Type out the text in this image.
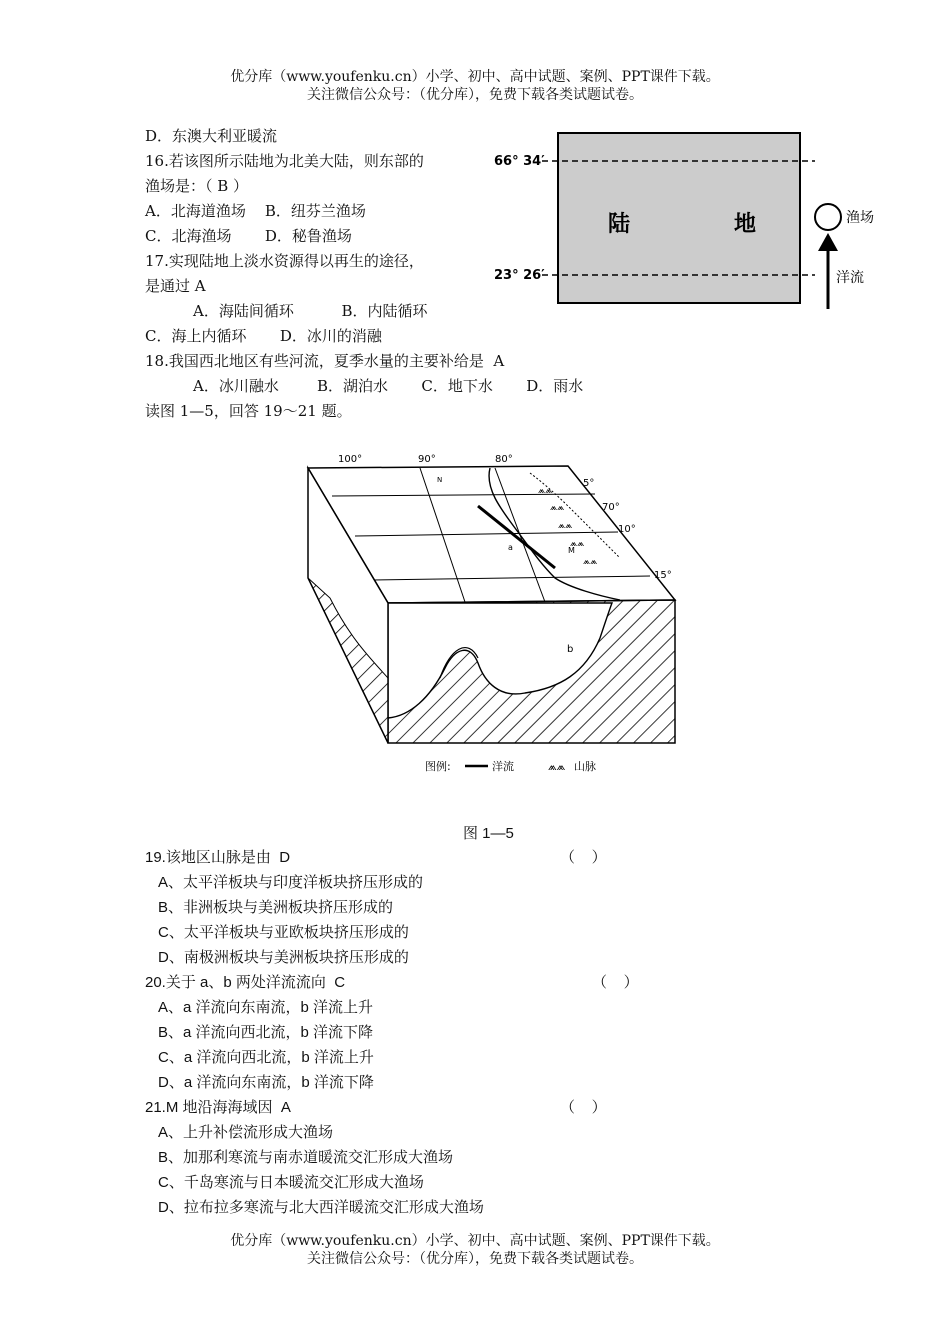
优分库（www.youfenku.cn）小学、初中、高中试题、案例、PPT课件下载。
关注微信公众号：（优分库），免费下载各类试题试卷。
D．东澳大利亚暖流
16.若该图所示陆地为北美大陆，则东部的
渔场是：（ B ）
A．北海道渔场    B．纽芬兰渔场
C．北海渔场       D．秘鲁渔场
17.实现陆地上淡水资源得以再生的途径，
是通过 A
A．海陆间循环          B．内陆循环
C．海上内循环       D．冰川的消融
18.我国西北地区有些河流，夏季水量的主要补给是  A
A．冰川融水        B．湖泊水       C．地下水       D．雨水
读图 1—5，回答 19～21 题。
66° 34′
23° 26′
陆	地	渔场
洋流
⩕⩕
⩕⩕
⩕⩕
⩕⩕
⩕⩕
100°	90°	80°
70°
5°
10°
15°
N
a	M
b
图例:	洋流	⩕⩕ 山脉
图 1—5
19.该地区山脉是由  D	（    ）
A、太平洋板块与印度洋板块挤压形成的
B、非洲板块与美洲板块挤压形成的
C、太平洋板块与亚欧板块挤压形成的
D、南极洲板块与美洲板块挤压形成的
20.关于 a、b 两处洋流流向  C	（    ）
A、a 洋流向东南流，b 洋流上升
B、a 洋流向西北流，b 洋流下降
C、a 洋流向西北流，b 洋流上升
D、a 洋流向东南流，b 洋流下降
21.M 地沿海海域因  A	（    ）
A、上升补偿流形成大渔场
B、加那利寒流与南赤道暖流交汇形成大渔场
C、千岛寒流与日本暖流交汇形成大渔场
D、拉布拉多寒流与北大西洋暖流交汇形成大渔场
优分库（www.youfenku.cn）小学、初中、高中试题、案例、PPT课件下载。
关注微信公众号：（优分库），免费下载各类试题试卷。
